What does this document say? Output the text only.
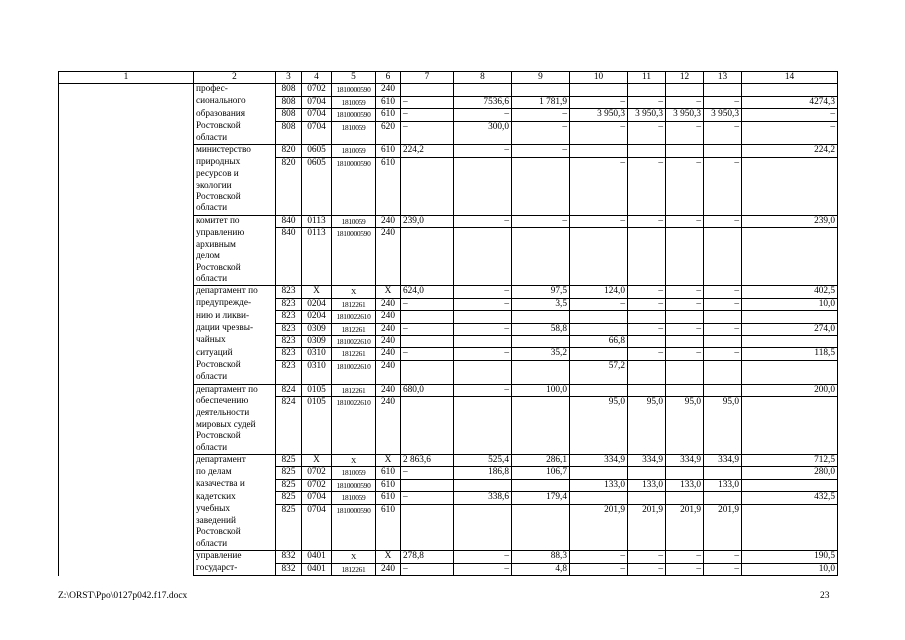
1	2	3	4	5	6	7	8	9	10	11	12	13	14
	профес-	808	0702	1810000590	240								
	сионального	808	0704	1810059	610	–	7536,6	1 781,9	–	–	–	–	4274,3
	образования	808	0704	1810000590	610	–	–	–	3 950,3	3 950,3	3 950,3	3 950,3	–
	Ростовской	808	0704	1810059	620	–	300,0	–	–	–	–	–	–
	области												
	министерство	820	0605	1810059	610	224,2	–	–					224,2
	природных	820	0605	1810000590	610				–	–	–	–	
	ресурсов и												
	экологии												
	Ростовской												
	области												
	комитет по	840	0113	1810059	240	239,0	–	–	–	–	–	–	239,0
	управлению	840	0113	1810000590	240								
	архивным												
	делом												
	Ростовской												
	области												
	департамент по	823	X	X	X	624,0	–	97,5	124,0	–	–	–	402,5
	предупрежде-	823	0204	1812261	240	–	–	3,5	–	–	–	–	10,0
	нию и ликви-	823	0204	1810022610	240								
	дации чрезвы-	823	0309	1812261	240	–	–	58,8		–	–	–	274,0
	чайных	823	0309	1810022610	240				66,8				
	ситуаций	823	0310	1812261	240	–	–	35,2		–	–	–	118,5
	Ростовской	823	0310	1810022610	240				57,2				
	области												
	департамент по	824	0105	1812261	240	680,0	–	100,0					200,0
	обеспечению	824	0105	1810022610	240				95,0	95,0	95,0	95,0	
	деятельности												
	мировых судей												
	Ростовской												
	области												
	департамент	825	X	X	X	2 863,6	525,4	286,1	334,9	334,9	334,9	334,9	712,5
	по делам	825	0702	1810059	610	–	186,8	106,7					280,0
	казачества и	825	0702	1810000590	610				133,0	133,0	133,0	133,0	
	кадетских	825	0704	1810059	610	–	338,6	179,4					432,5
	учебных	825	0704	1810000590	610				201,9	201,9	201,9	201,9	
	заведений												
	Ростовской												
	области												
	управление	832	0401	X	X	278,8	–	88,3	–	–	–	–	190,5
	государст-	832	0401	1812261	240	–	–	4,8	–	–	–	–	10,0
Z:\ORST\Ppo\0127p042.f17.docx	23
